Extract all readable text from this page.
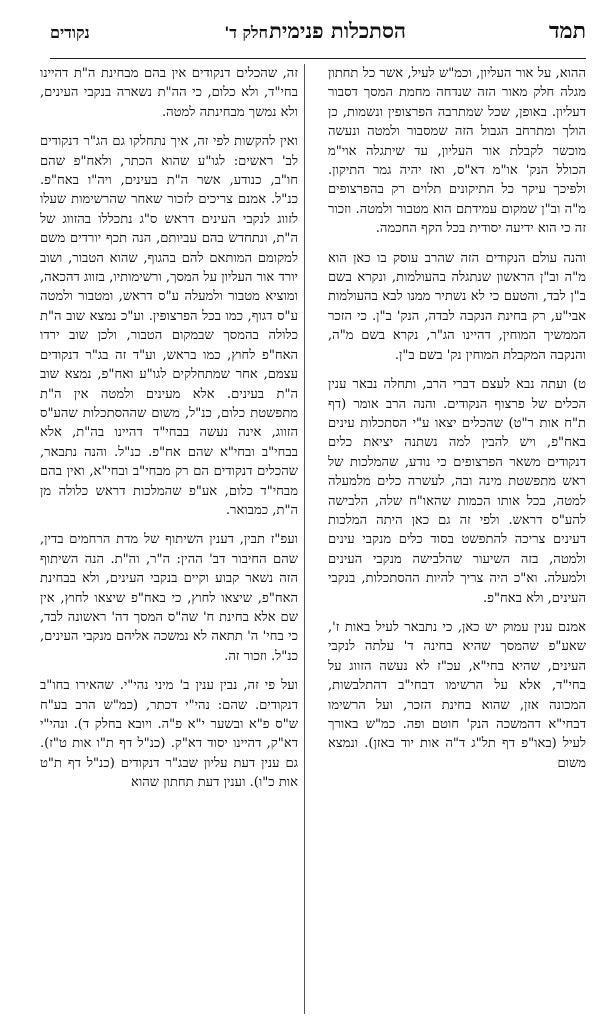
תמד
הסתכלות פנימית
חלק ד'
נקודים

ההוא, על אור העליון, וכמ"ש לעיל, אשר כל תחתון מגלה חלק מאור הזה שנדחה מחמת המסך דסבור דעליון. באופן, שכל שמתרבה הפרצופין ונשמות, כן הולך ומתרחב הגבול הזה שמסבור ולמטה ונעשה מוכשר לקבלת אור העליון, עד שיתגלה אוי"מ הכולל הנק' או"מ דא"ס, ואז יהיה גמר התיקון. ולפיכך עיקר כל התיקונים תלוים רק בהפרצופים מ"ה וב"ן שמקום עמידתם הוא מטבור ולמטה. וזכור זה כי הוא ידיעה יסודית בכל הקף החכמה.

והנה עולם הנקודים הזה שהרב עוסק בו כאן הוא מ"ה וב"ן הראשון שנתגלה בהעולמות, ונקרא בשם ב"ן לבד, והטעם כי לא נשתיר ממנו לבא בהעולמות אבי"ע, רק בחינת הנקבה לבדה, הנק' ב"ן. כי הזכר הממשיך המוחין, דהיינו הג"ר, נקרא בשם מ"ה, והנקבה המקבלת המוחין נק' בשם ב"ן.

ט) ועתה נבא לעצם דברי הרב, ותחלה נבאר ענין הכלים של פרצוף הנקודים. והנה הרב אומר (דף ת"ח אות ר"ט) שהכלים יצאו ע"י הסתכלות עינים באח"פ, ויש להבין למה נשתנה יציאת כלים דנקודים משאר הפרצופים כי נודע, שהמלכות של ראש מתפשטת מינה ובה, לעשרה כלים מלמעלה למטה, בכל אותו הכמות שהאו"ח שלה, הלבישה להע"ס דראש. ולפי זה גם כאן היתה המלכות דעינים צריכה להתפשט בסוד כלים מנקבי עינים ולמטה, בזה השיעור שהלבישה מנקבי העינים ולמעלה. וא"כ היה צריך להיות ההסתכלות, בנקבי העינים, ולא באח"פ.

אמנם ענין עמוק יש כאן, כי נתבאר לעיל באות ז', שאע"פ שהמסך שהיא בחינה ד' עלתה לנקבי העינים, שהיא בחי"א, עכ"ז לא נעשה הזווג על בחי"ד, אלא על הרשימו דבחי"ב דהתלבשות, המכונה אזן, שהוא בחינת הזכר, ועל הרשימו דבחי"א דהמשכה הנק' חוטם ופה. כמ"ש באורך לעיל (באו"פ דף תל"ג ד"ה אות יוד באזן). ונמצא משום

זה, שהכלים דנקודים אין בהם מבחינת ה"ת דהיינו בחי"ד, ולא כלום, כי הה"ת נשארה בנקבי העינים, ולא נמשך מבחינתה למטה.

ואין להקשות לפי זה, איך נתחלקו גם הג"ר דנקודים לב' ראשים: לגו"ע שהוא הכתר, ולאח"פ שהם חו"ב, כנודע, אשר ה"ת בעינים, ויה"ו באח"פ. כנ"ל. אמנם צריכים לזכור שאחר שהרשימות שעלו לזווג לנקבי העינים דראש ס"ג נתכללו בהזווג של ה"ת, ונתחדש בהם עביותם, הנה תכף יורדים משם למקומם המותאם להם בהגוף, שהוא הטבור, ושוב יורד אור העליון על המסך, ורשימותיו, בזווג דהכאה, ומוציא מטבור ולמעלה ע"ס דראש, ומטבור ולמטה ע"ס דגוף, כמו בכל הפרצופין. וע"כ נמצא שוב ה"ת כלולה בהמסך שבמקום הטבור, ולכן שוב ירדו האח"פ לחוץ, כמו בראש, וע"ד זה בג"ר דנקודים עצמם, אחר שמתחלקים לגו"ע ואח"פ, נמצא שוב ה"ת בעינים. אלא מעינים ולמטה אין ה"ת מתפשטת כלום, כנ"ל, משום שההסתכלות שהע"ס הזווג, אינה נעשה בבחי"ד דהיינו בה"ת, אלא בבחי"ב ובחי"א שהם אח"פ. כנ"ל. והנה נתבאר, שהכלים דנקודים הם רק מבחי"ב ובחי"א, ואין בהם מבחי"ד כלום, אע"פ שהמלכות דראש כלולה מן ה"ת, כמבואר.

ועפ"ז תבין, דענין השיתוף של מדת הרחמים בדין, שהם החיבור דב' ההין: ה"ר, וה"ת. הנה השיתוף הזה נשאר קבוע וקיים בנקבי העינים, ולא בבחינת האח"פ, שיצאו לחוץ, כי באח"פ שיצאו לחוץ, אין שם אלא בחינת ח' שה"ס המסך דה' ראשונה לבד, כי בחי' ה' תתאה לא נמשכה אליהם מנקבי העינים, כנ"ל. וזכור זה.

ועל פי זה, נבין ענין ב' מיני נהי"י. שהאירו בחו"ב דנקודים. שהם: נהי"י דכתר, (כמ"ש הרב בע"ח ש"ס פ"א ובשער י"א פ"ה. ויובא בחלק ד). ונהי"י דא"ק, דהיינו יסוד דא"ק. (כנ"ל דף ת"ו אות ט"ז). גם ענין דעת עליון שבג"ר דנקודים (כנ"ל דף ת"ט אות כ"ו). וענין דעת תחתון שהוא
